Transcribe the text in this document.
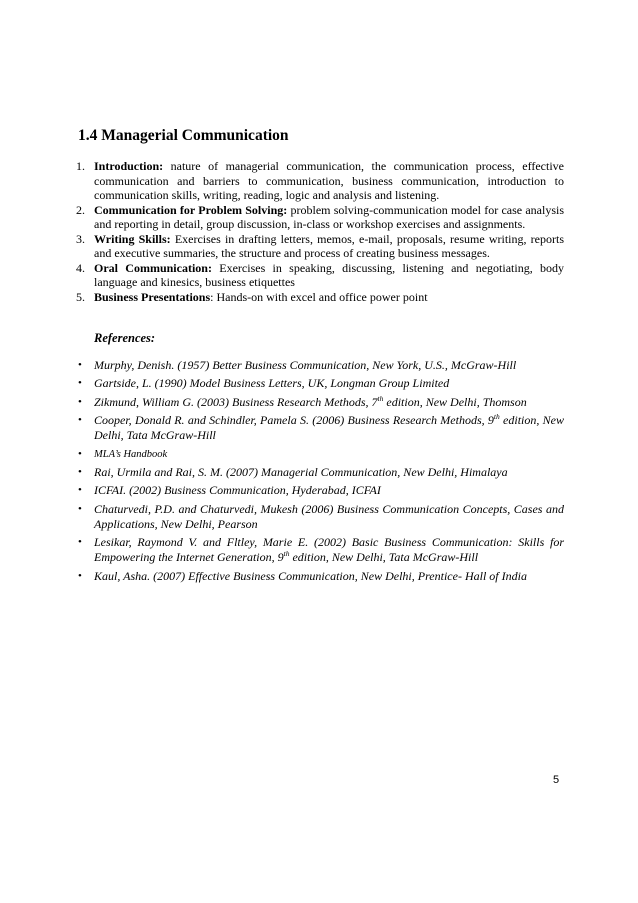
1.4 Managerial Communication
1. Introduction: nature of managerial communication, the communication process, effective communication and barriers to communication, business communication, introduction to communication skills, writing, reading, logic and analysis and listening.
2. Communication for Problem Solving: problem solving-communication model for case analysis and reporting in detail, group discussion, in-class or workshop exercises and assignments.
3. Writing Skills: Exercises in drafting letters, memos, e-mail, proposals, resume writing, reports and executive summaries, the structure and process of creating business messages.
4. Oral Communication: Exercises in speaking, discussing, listening and negotiating, body language and kinesics, business etiquettes
5. Business Presentations: Hands-on with excel and office power point
References:
• Murphy, Denish. (1957) Better Business Communication, New York, U.S., McGraw-Hill
• Gartside, L. (1990) Model Business Letters, UK, Longman Group Limited
• Zikmund, William G. (2003) Business Research Methods, 7th edition, New Delhi, Thomson
• Cooper, Donald R. and Schindler, Pamela S. (2006) Business Research Methods, 9th edition, New Delhi, Tata McGraw-Hill
• MLA’s Handbook
• Rai, Urmila and Rai, S. M. (2007) Managerial Communication, New Delhi, Himalaya
• ICFAI. (2002) Business Communication, Hyderabad, ICFAI
• Chaturvedi, P.D. and Chaturvedi, Mukesh (2006) Business Communication Concepts, Cases and Applications, New Delhi, Pearson
• Lesikar, Raymond V. and Fltley, Marie E. (2002) Basic Business Communication: Skills for Empowering the Internet Generation, 9th edition, New Delhi, Tata McGraw-Hill
• Kaul, Asha. (2007) Effective Business Communication, New Delhi, Prentice- Hall of India
5
